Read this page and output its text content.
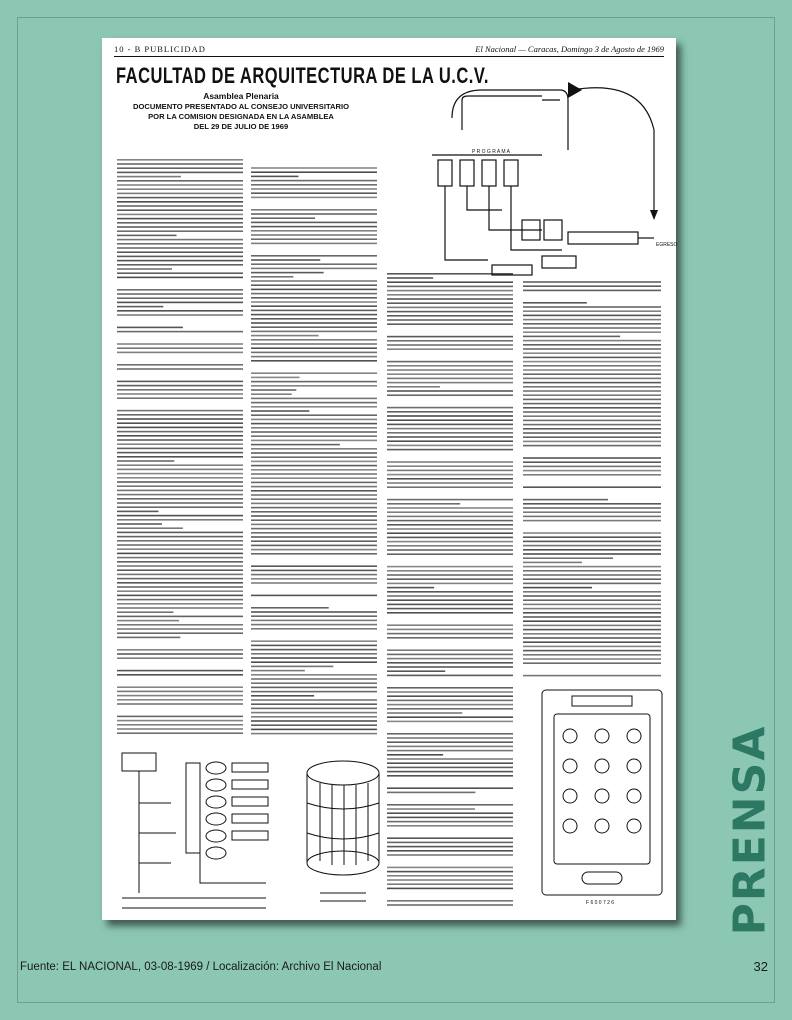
10 - B PUBLICIDAD	El Nacional — Caracas, Domingo 3 de Agosto de 1969
FACULTAD DE ARQUITECTURA DE LA U.C.V.
Asamblea Plenaria
DOCUMENTO PRESENTADO AL CONSEJO UNIVERSITARIO
POR LA COMISION DESIGNADA EN LA ASAMBLEA
DEL 29 DE JULIO DE 1969
P R O G R A M A
EGRESO
F 6 0 0 7 2 6
Fuente: EL NACIONAL, 03-08-1969 / Localización: Archivo El Nacional	32
PRENSA
